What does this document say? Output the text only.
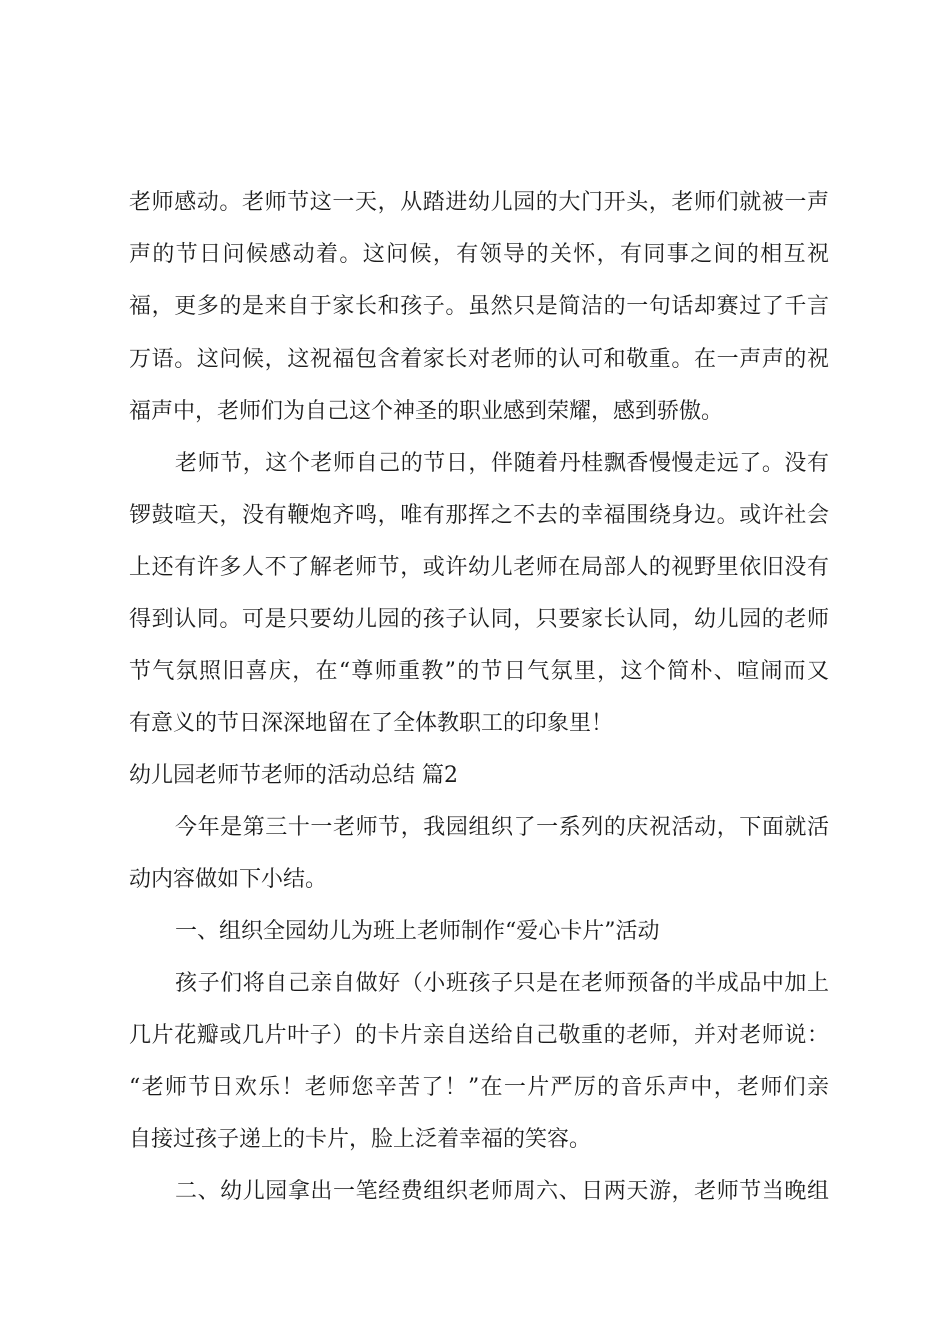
老师感动。老师节这一天，从踏进幼儿园的大门开头，老师们就被一声
声的节日问候感动着。这问候，有领导的关怀，有同事之间的相互祝
福，更多的是来自于家长和孩子。虽然只是简洁的一句话却赛过了千言
万语。这问候，这祝福包含着家长对老师的认可和敬重。在一声声的祝
福声中，老师们为自己这个神圣的职业感到荣耀，感到骄傲。
老师节，这个老师自己的节日，伴随着丹桂飘香慢慢走远了。没有
锣鼓喧天，没有鞭炮齐鸣，唯有那挥之不去的幸福围绕身边。或许社会
上还有许多人不了解老师节，或许幼儿老师在局部人的视野里依旧没有
得到认同。可是只要幼儿园的孩子认同，只要家长认同，幼儿园的老师
节气氛照旧喜庆，在“尊师重教”的节日气氛里，这个简朴、喧闹而又
有意义的节日深深地留在了全体教职工的印象里！
幼儿园老师节老师的活动总结 篇2
今年是第三十一老师节，我园组织了一系列的庆祝活动，下面就活
动内容做如下小结。
一、组织全园幼儿为班上老师制作“爱心卡片”活动
孩子们将自己亲自做好（小班孩子只是在老师预备的半成品中加上
几片花瓣或几片叶子）的卡片亲自送给自己敬重的老师，并对老师说：
“老师节日欢乐！老师您辛苦了！”在一片严厉的音乐声中，老师们亲
自接过孩子递上的卡片，脸上泛着幸福的笑容。
二、幼儿园拿出一笔经费组织老师周六、日两天游，老师节当晚组
